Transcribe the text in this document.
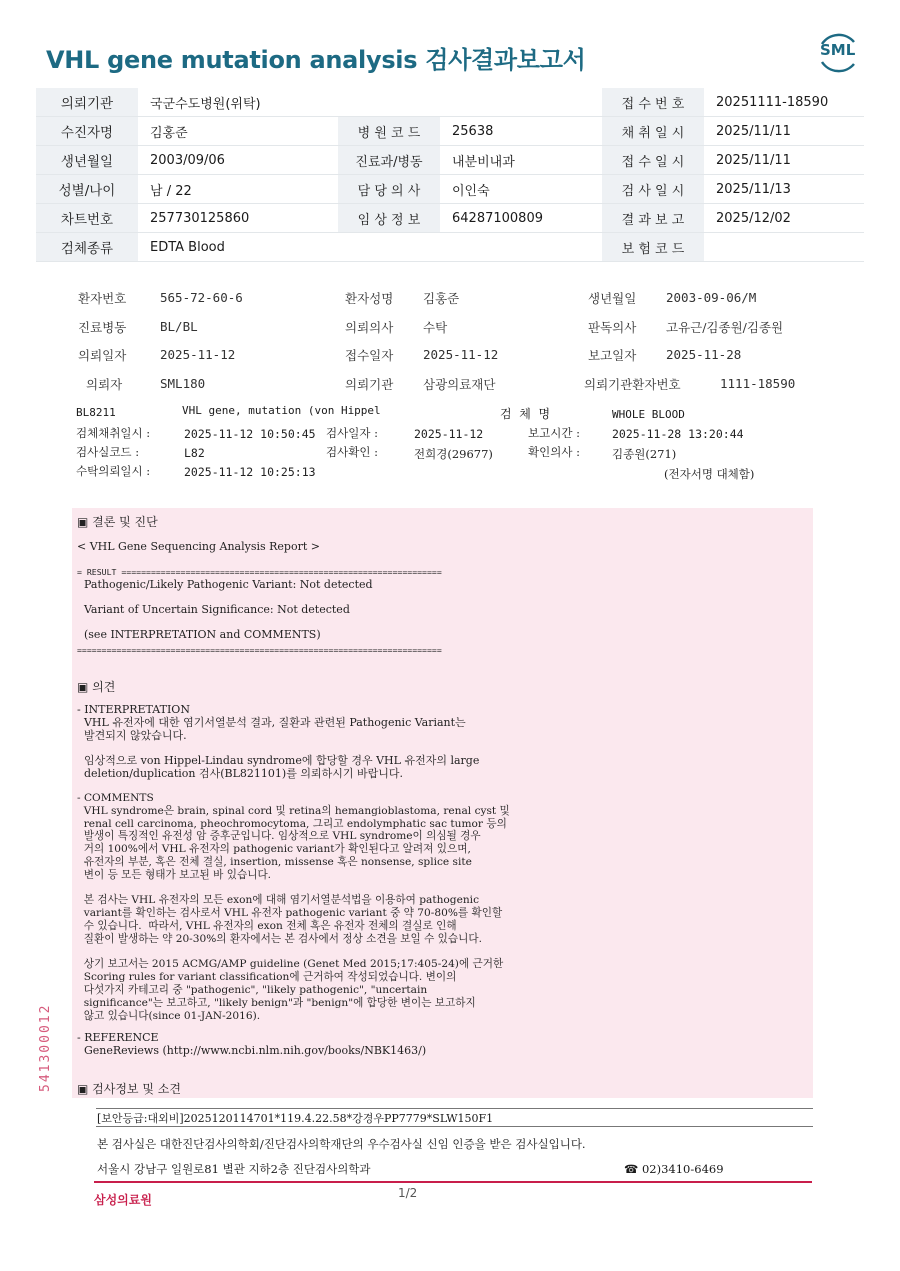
VHL gene mutation analysis 검사결과보고서	SML
의뢰기관	국군수도병원(위탁)			접 수 번 호	20251111-18590
수진자명	김홍준	병 원 코 드	25638	채 취 일 시	2025/11/11
생년월일	2003/09/06	진료과/병동	내분비내과	접 수 일 시	2025/11/11
성별/나이	남 / 22	담 당 의 사	이인숙	검 사 일 시	2025/11/13
차트번호	257730125860	임 상 정 보	64287100809	결 과 보 고	2025/12/02
검체종류	EDTA Blood			보 험 코 드	
환자번호	565-72-60-6	환자성명 김홍준	생년월일 2003-09-06/M
진료병동	BL/BL	의뢰의사 수탁	판독의사 고유근/김종원/김종원
의뢰일자	2025-11-12	접수일자 2025-11-12	보고일자 2025-11-28
의뢰자	SML180	의뢰기관 삼광의료재단	의뢰기관환자번호	1111-18590
BL8211	VHL gene, mutation (von Hippel	검  체  명	WHOLE BLOOD
검체채취일시 :	2025-11-12 10:50:45 검사일자 :	2025-11-12	보고시간 :	2025-11-28 13:20:44
검사실코드 :	L82	검사확인 :	전희경(29677)	확인의사 :	김종원(271)
수탁의뢰일시 :	2025-11-12 10:25:13	(전자서명 대체함)
▣ 결론 및 진단
< VHL Gene Sequencing Analysis Report >
= RESULT =================================================================
Pathogenic/Likely Pathogenic Variant: Not detected
Variant of Uncertain Significance: Not detected
(see INTERPRETATION and COMMENTS)
==========================================================================
▣ 의견
- INTERPRETATION
VHL 유전자에 대한 염기서열분석 결과, 질환과 관련된 Pathogenic Variant는
발견되지 않았습니다.

임상적으로 von Hippel-Lindau syndrome에 합당할 경우 VHL 유전자의 large
deletion/duplication 검사(BL821101)를 의뢰하시기 바랍니다.
- COMMENTS
VHL syndrome은 brain, spinal cord 및 retina의 hemangioblastoma, renal cyst 및
renal cell carcinoma, pheochromocytoma, 그리고 endolymphatic sac tumor 등의
발생이 특징적인 유전성 암 증후군입니다. 임상적으로 VHL syndrome이 의심될 경우
거의 100%에서 VHL 유전자의 pathogenic variant가 확인된다고 알려져 있으며,
유전자의 부분, 혹은 전체 결실, insertion, missense 혹은 nonsense, splice site
변이 등 모든 형태가 보고된 바 있습니다.

본 검사는 VHL 유전자의 모든 exon에 대해 염기서열분석법을 이용하여 pathogenic
variant를 확인하는 검사로서 VHL 유전자 pathogenic variant 중 약 70-80%를 확인할
수 있습니다.  따라서, VHL 유전자의 exon 전체 혹은 유전자 전체의 결실로 인해
질환이 발생하는 약 20-30%의 환자에서는 본 검사에서 정상 소견을 보일 수 있습니다.

상기 보고서는 2015 ACMG/AMP guideline (Genet Med 2015;17:405-24)에 근거한
Scoring rules for variant classification에 근거하여 작성되었습니다. 변이의
다섯가지 카테고리 중 "pathogenic", "likely pathogenic", "uncertain
significance"는 보고하고, "likely benign"과 "benign"에 합당한 변이는 보고하지
않고 있습니다(since 01-JAN-2016).
- REFERENCE
GeneReviews (http://www.ncbi.nlm.nih.gov/books/NBK1463/)
▣ 검사정보 및 소견
[보안등급:대외비]2025120114701*119.4.22.58*강경우PP7779*SLW150F1
본 검사실은 대한진단검사의학회/진단검사의학재단의 우수검사실 신임 인증을 받은 검사실입니다.
서울시 강남구 일원로81 별관 지하2층 진단검사의학과	☎ 02)3410-6469
541300012
삼성의료원	1/2
